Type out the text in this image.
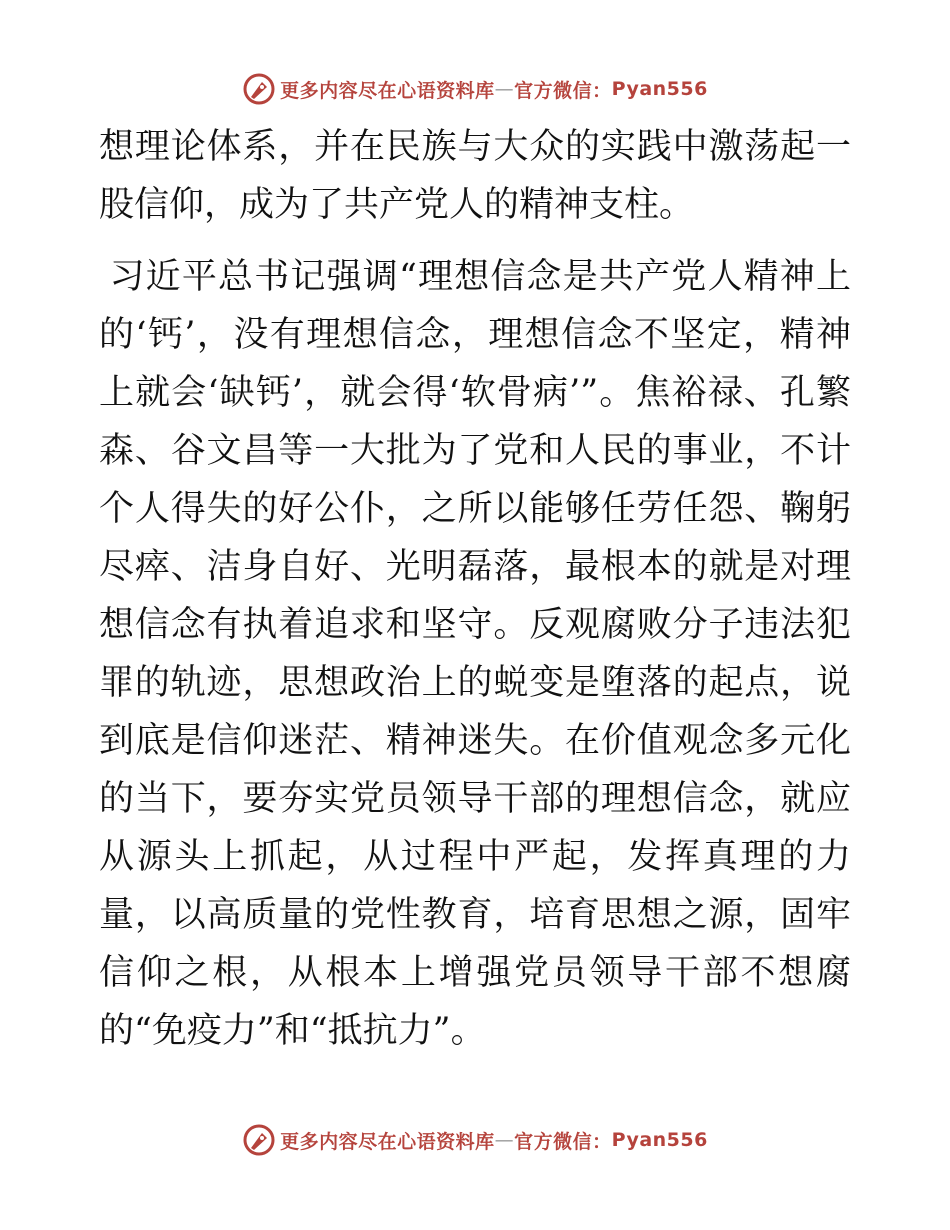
更多内容尽在心语资料库 — 官方微信： Pyan556

想理论体系，并在民族与大众的实践中激荡起一股信仰，成为了共产党人的精神支柱。

习近平总书记强调“理想信念是共产党人精神上的‘钙’，没有理想信念，理想信念不坚定，精神上就会‘缺钙’，就会得‘软骨病’”。焦裕禄、孔繁森、谷文昌等一大批为了党和人民的事业，不计个人得失的好公仆，之所以能够任劳任怨、鞠躬尽瘁、洁身自好、光明磊落，最根本的就是对理想信念有执着追求和坚守。反观腐败分子违法犯罪的轨迹，思想政治上的蜕变是堕落的起点，说到底是信仰迷茫、精神迷失。在价值观念多元化的当下，要夯实党员领导干部的理想信念，就应从源头上抓起，从过程中严起，发挥真理的力量，以高质量的党性教育，培育思想之源，固牢信仰之根，从根本上增强党员领导干部不想腐的“免疫力”和“抵抗力”。

更多内容尽在心语资料库 — 官方微信： Pyan556
